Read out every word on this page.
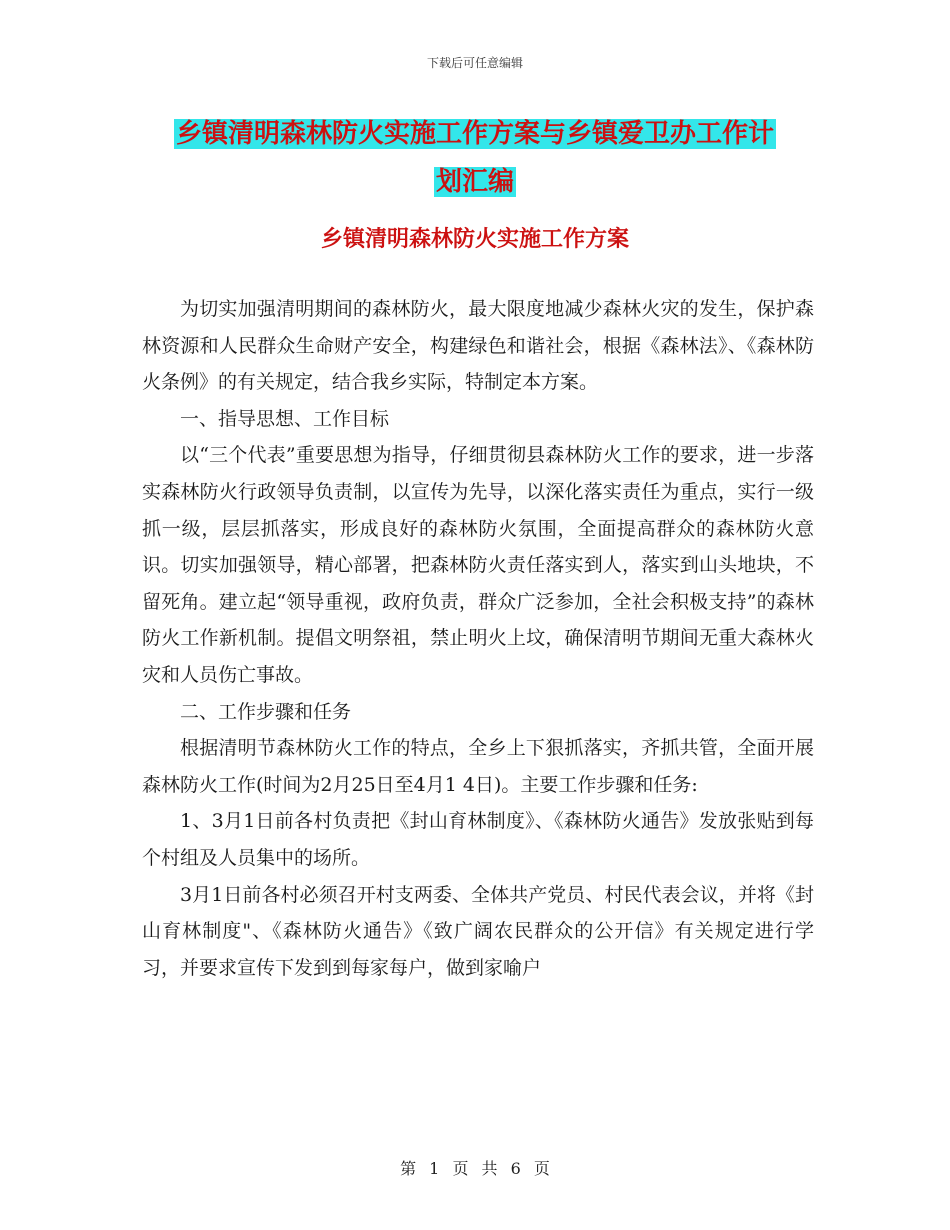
下载后可任意编辑
乡镇清明森林防火实施工作方案与乡镇爱卫办工作计
划汇编
乡镇清明森林防火实施工作方案

为切实加强清明期间的森林防火，最大限度地减少森林火灾的发生，保护森林资源和人民群众生命财产安全，构建绿色和谐社会，根据《森林法》、《森林防火条例》的有关规定，结合我乡实际，特制定本方案。

一、指导思想、工作目标

以“三个代表”重要思想为指导，仔细贯彻县森林防火工作的要求，进一步落实森林防火行政领导负责制，以宣传为先导，以深化落实责任为重点，实行一级抓一级，层层抓落实，形成良好的森林防火氛围，全面提高群众的森林防火意识。切实加强领导，精心部署，把森林防火责任落实到人，落实到山头地块，不留死角。建立起“领导重视，政府负责，群众广泛参加，全社会积极支持”的森林防火工作新机制。提倡文明祭祖，禁止明火上坟，确保清明节期间无重大森林火灾和人员伤亡事故。

二、工作步骤和任务

根据清明节森林防火工作的特点，全乡上下狠抓落实，齐抓共管，全面开展森林防火工作(时间为2月25日至4月1 4日)。主要工作步骤和任务:

1、3月1日前各村负责把《封山育林制度》、《森林防火通告》发放张贴到每个村组及人员集中的场所。

3月1日前各村必须召开村支两委、全体共产党员、村民代表会议，并将《封山育林制度"、《森林防火通告》《致广阔农民群众的公开信》有关规定进行学习，并要求宣传下发到到每家每户，做到家喻户

第 1 页 共 6 页
